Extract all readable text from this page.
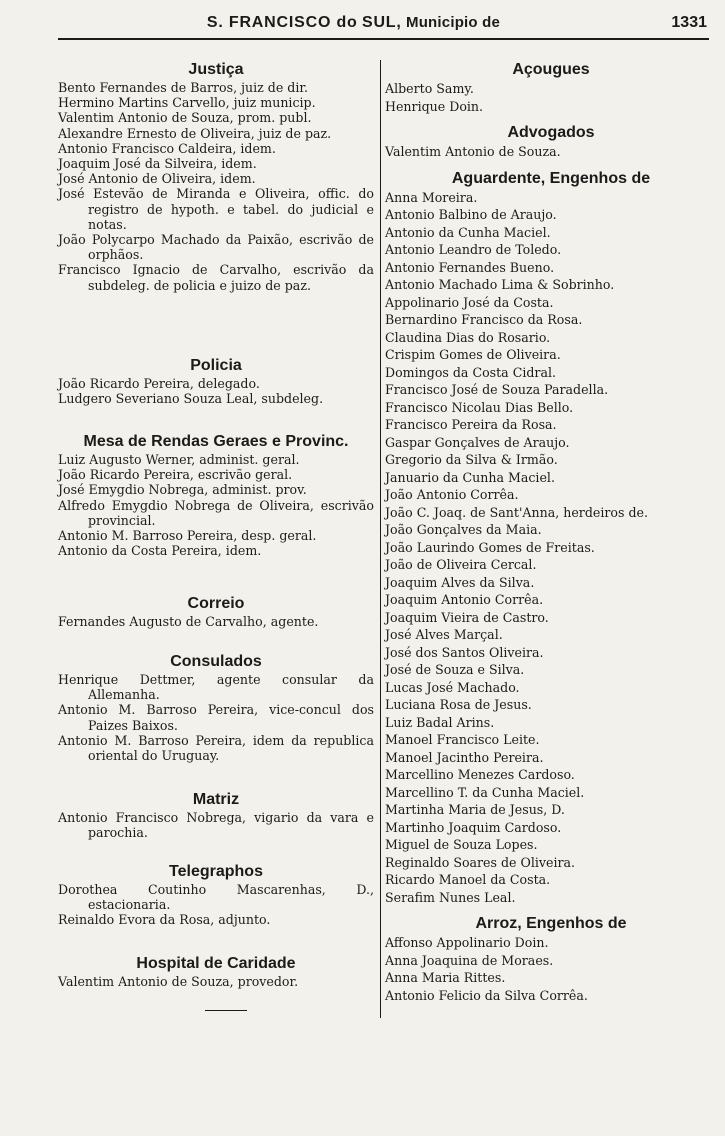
S. FRANCISCO do SUL, Municipio de	1331
Justiça
Bento Fernandes de Barros, juiz de dir.
Hermino Martins Carvello, juiz municip.
Valentim Antonio de Souza, prom. publ.
Alexandre Ernesto de Oliveira, juiz de paz.
Antonio Francisco Caldeira, idem.
Joaquim José da Silveira, idem.
José Antonio de Oliveira, idem.
José Estevão de Miranda e Oliveira, offic. do registro de hypoth. e tabel. do judicial e notas.
João Polycarpo Machado da Paixão, escrivão de orphãos.
Francisco Ignacio de Carvalho, escrivão da subdeleg. de policia e juizo de paz.
Policia
João Ricardo Pereira, delegado.
Ludgero Severiano Souza Leal, subdeleg.
Mesa de Rendas Geraes e Provinc.
Luiz Augusto Werner, administ. geral.
João Ricardo Pereira, escrivão geral.
José Emygdio Nobrega, administ. prov.
Alfredo Emygdio Nobrega de Oliveira, escrivão provincial.
Antonio M. Barroso Pereira, desp. geral.
Antonio da Costa Pereira, idem.
Correio
Fernandes Augusto de Carvalho, agente.
Consulados
Henrique Dettmer, agente consular da Allemanha.
Antonio M. Barroso Pereira, vice-concul dos Paizes Baixos.
Antonio M. Barroso Pereira, idem da republica oriental do Uruguay.
Matriz
Antonio Francisco Nobrega, vigario da vara e parochia.
Telegraphos
Dorothea Coutinho Mascarenhas, D., estacionaria.
Reinaldo Evora da Rosa, adjunto.
Hospital de Caridade
Valentim Antonio de Souza, provedor.
Açougues
Alberto Samy.
Henrique Doin.
Advogados
Valentim Antonio de Souza.
Aguardente, Engenhos de
Anna Moreira.
Antonio Balbino de Araujo.
Antonio da Cunha Maciel.
Antonio Leandro de Toledo.
Antonio Fernandes Bueno.
Antonio Machado Lima & Sobrinho.
Appolinario José da Costa.
Bernardino Francisco da Rosa.
Claudina Dias do Rosario.
Crispim Gomes de Oliveira.
Domingos da Costa Cidral.
Francisco José de Souza Paradella.
Francisco Nicolau Dias Bello.
Francisco Pereira da Rosa.
Gaspar Gonçalves de Araujo.
Gregorio da Silva & Irmão.
Januario da Cunha Maciel.
João Antonio Corrêa.
João C. Joaq. de Sant'Anna, herdeiros de.
João Gonçalves da Maia.
João Laurindo Gomes de Freitas.
João de Oliveira Cercal.
Joaquim Alves da Silva.
Joaquim Antonio Corrêa.
Joaquim Vieira de Castro.
José Alves Marçal.
José dos Santos Oliveira.
José de Souza e Silva.
Lucas José Machado.
Luciana Rosa de Jesus.
Luiz Badal Arins.
Manoel Francisco Leite.
Manoel Jacintho Pereira.
Marcellino Menezes Cardoso.
Marcellino T. da Cunha Maciel.
Martinha Maria de Jesus, D.
Martinho Joaquim Cardoso.
Miguel de Souza Lopes.
Reginaldo Soares de Oliveira.
Ricardo Manoel da Costa.
Serafim Nunes Leal.
Arroz, Engenhos de
Affonso Appolinario Doin.
Anna Joaquina de Moraes.
Anna Maria Rittes.
Antonio Felicio da Silva Corrêa.
